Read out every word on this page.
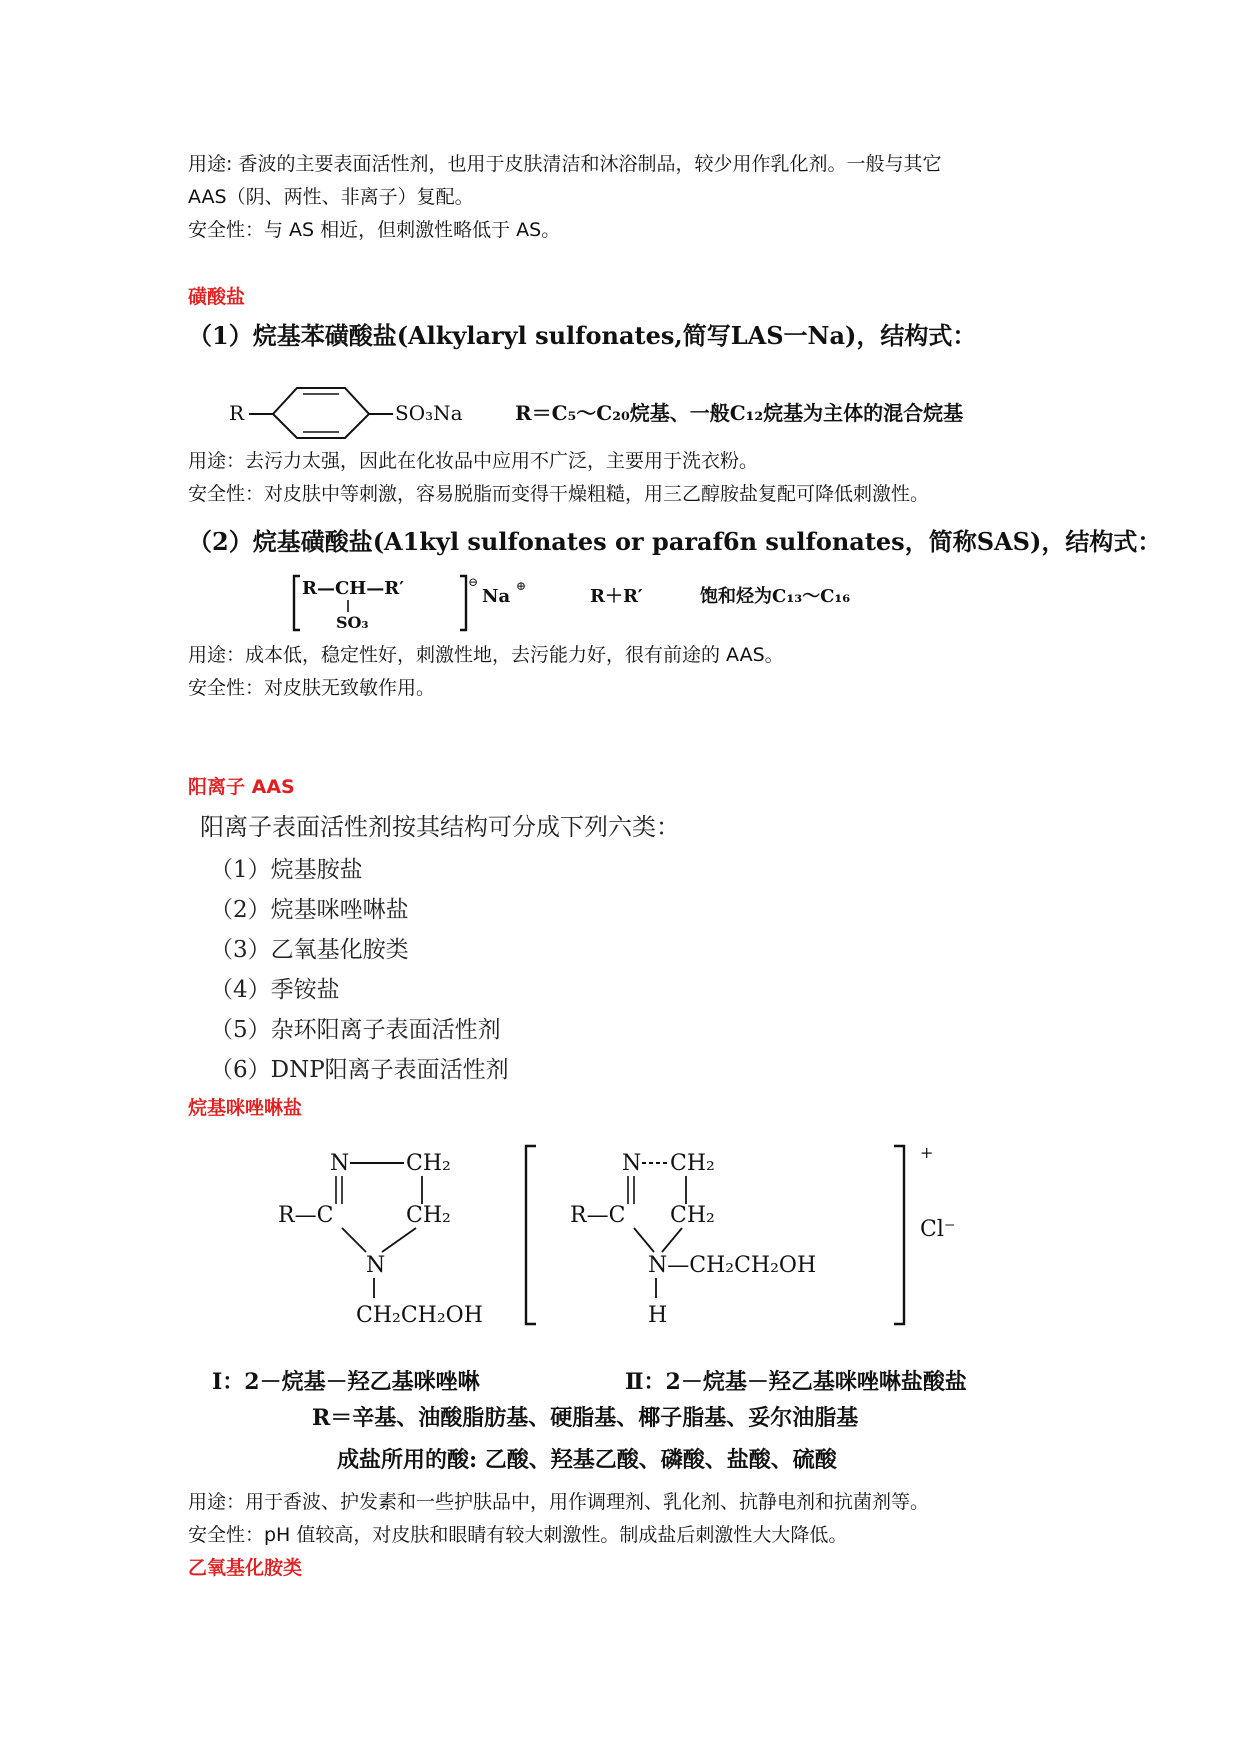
用途: 香波的主要表面活性剂，也用于皮肤清洁和沐浴制品，较少用作乳化剂。一般与其它
AAS（阴、两性、非离子）复配。
安全性：与 AS 相近，但刺激性略低于 AS。
磺酸盐
（1）烷基苯磺酸盐(Alkylaryl sulfonates,简写LAS一Na)，结构式：
R	SO₃Na	R＝C₅～C₂₀烷基、一般C₁₂烷基为主体的混合烷基
用途：去污力太强，因此在化妆品中应用不广泛，主要用于洗衣粉。
安全性：对皮肤中等刺激，容易脱脂而变得干燥粗糙，用三乙醇胺盐复配可降低刺激性。
（2）烷基磺酸盐(A1kyl sulfonates or paraf6n sulfonates，简称SAS)，结构式：
R—CH—R′
SO₃
⊖
Na ⊕	R＋R′	饱和烃为C₁₃～C₁₆
用途：成本低，稳定性好，刺激性地，去污能力好，很有前途的 AAS。
安全性：对皮肤无致敏作用。
阳离子 AAS
阳离子表面活性剂按其结构可分成下列六类：
（1）烷基胺盐
（2）烷基咪唑啉盐
（3）乙氧基化胺类
（4）季铵盐
（5）杂环阳离子表面活性剂
（6）DNP阳离子表面活性剂
烷基咪唑啉盐
N	CH₂
R—C	CH₂
N
CH₂CH₂OH
N CH₂
R—C CH₂
N—CH₂CH₂OH
H
+
Cl⁻
Ⅰ：2－烷基－羟乙基咪唑啉	Ⅱ：2－烷基－羟乙基咪唑啉盐酸盐
R＝辛基、油酸脂肪基、硬脂基、椰子脂基、妥尔油脂基
成盐所用的酸: 乙酸、羟基乙酸、磷酸、盐酸、硫酸
用途：用于香波、护发素和一些护肤品中，用作调理剂、乳化剂、抗静电剂和抗菌剂等。
安全性：pH 值较高，对皮肤和眼睛有较大刺激性。制成盐后刺激性大大降低。
乙氧基化胺类
